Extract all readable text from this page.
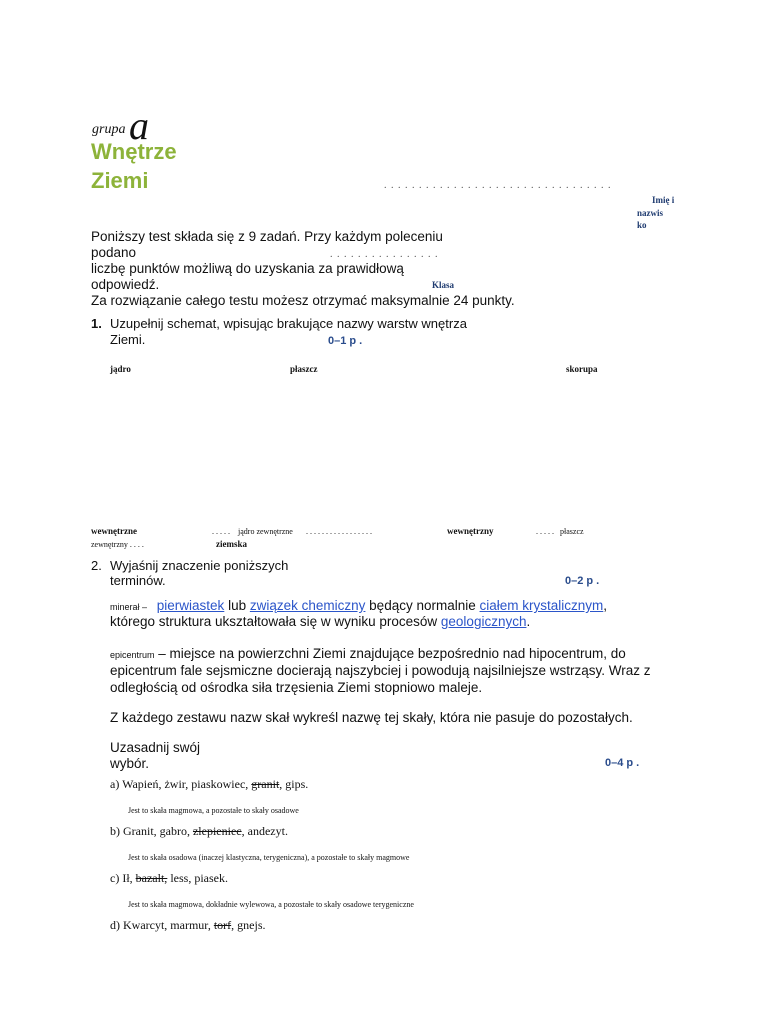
grupa a
Wnętrze
Ziemi	. . . . . . . . . . . . . . . . . . . . . . . . . . . . . . . . .
Imię i
nazwis
ko
Poniższy test składa się z 9 zadań. Przy każdym poleceniu
podano	. . . . . . . . . . . . . . . .
liczbę punktów możliwą do uzyskania za prawidłową
odpowiedź.	Klasa
Za rozwiązanie całego testu możesz otrzymać maksymalnie 24 punkty.
1. Uzupełnij schemat, wpisując brakujące nazwy warstw wnętrza
Ziemi.	0–1 p .
jądro	płaszcz	skorupa
wewnętrzne	. . . . . jądro zewnętrzne . . . . . . . . . . . . . . . . .	wewnętrzny	. . . . . płaszcz
zewnętrzny . . . .	ziemska
2. Wyjaśnij znaczenie poniższych
terminów.	0–2 p .
minerał – pierwiastek lub związek chemiczny będący normalnie ciałem krystalicznym,
którego struktura ukształtowała się w wyniku procesów geologicznych.
epicentrum – miejsce na powierzchni Ziemi znajdujące bezpośrednio nad hipocentrum, do
epicentrum fale sejsmiczne docierają najszybciej i powodują najsilniejsze wstrząsy. Wraz z
odległością od ośrodka siła trzęsienia Ziemi stopniowo maleje.
Z każdego zestawu nazw skał wykreśl nazwę tej skały, która nie pasuje do pozostałych.
Uzasadnij swój
wybór.	0–4 p .
a) Wapień, żwir, piaskowiec, granit, gips.
Jest to skała magmowa, a pozostałe to skały osadowe
b) Granit, gabro, zlepieniec, andezyt.
Jest to skała osadowa (inaczej klastyczna, terygeniczna), a pozostałe to skały magmowe
c) Ił, bazalt, less, piasek.
Jest to skała magmowa, dokładnie wylewowa, a pozostałe to skały osadowe terygeniczne
d) Kwarcyt, marmur, torf, gnejs.
